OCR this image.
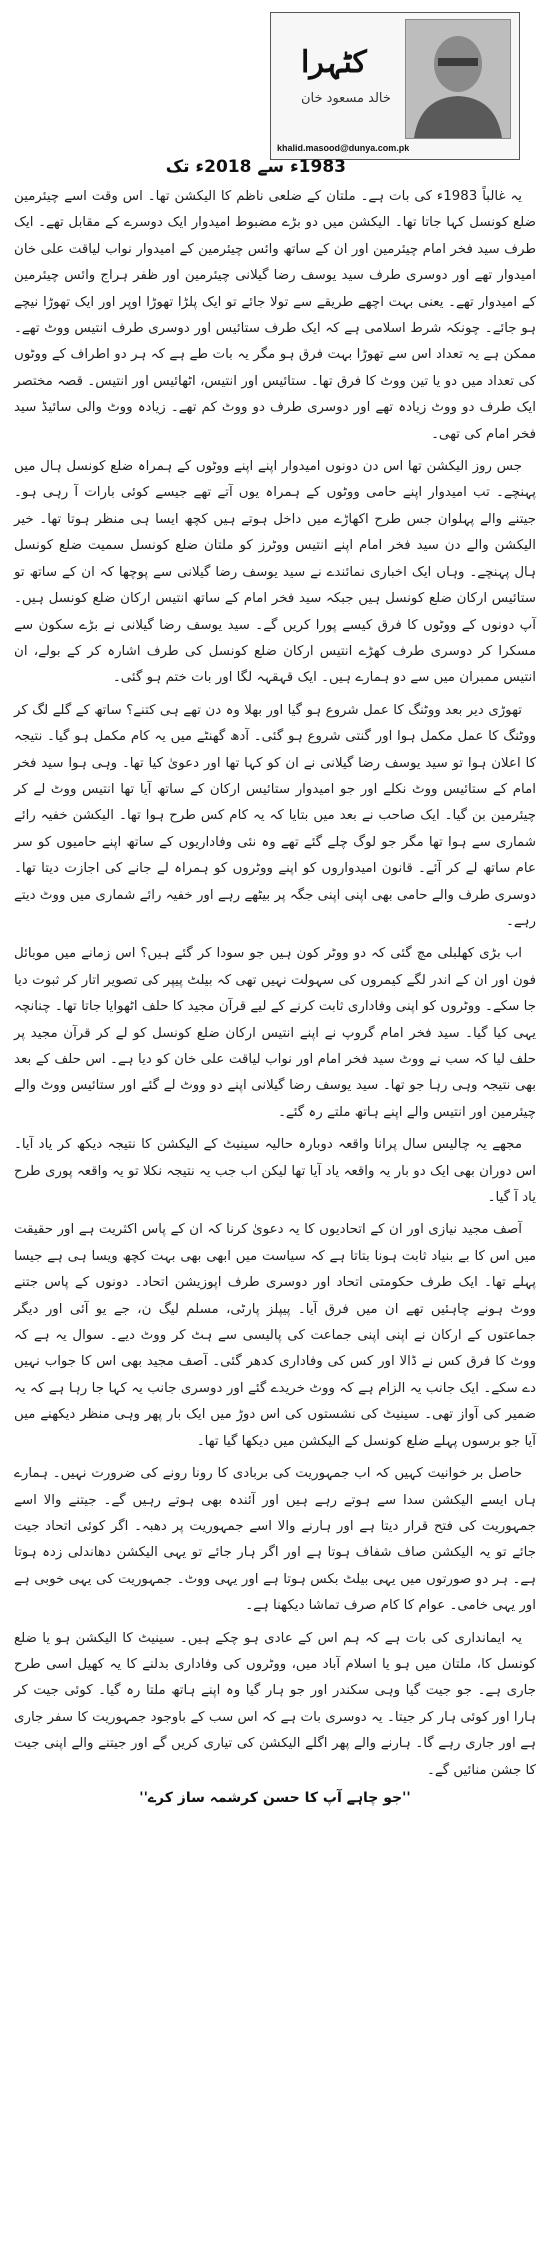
کٹہرا
خالد مسعود خان
khalid.masood@dunya.com.pk
1983ء سے 2018ء تک

یہ غالباً 1983ء کی بات ہے۔ ملتان کے ضلعی ناظم کا الیکشن تھا۔ اس وقت اسے چیئرمین ضلع کونسل کہا جاتا تھا۔ الیکشن میں دو بڑے مضبوط امیدوار ایک دوسرے کے مقابل تھے۔ ایک طرف سید فخر امام چیئرمین اور ان کے ساتھ وائس چیئرمین کے امیدوار نواب لیاقت علی خان امیدوار تھے اور دوسری طرف سید یوسف رضا گیلانی چیئرمین اور ظفر ہراج وائس چیئرمین کے امیدوار تھے۔ یعنی بہت اچھے طریقے سے تولا جائے تو ایک پلڑا تھوڑا اوپر اور ایک تھوڑا نیچے ہو جائے۔ چونکہ شرط اسلامی ہے کہ ایک طرف ستائیس اور دوسری طرف انتیس ووٹ تھے۔ ممکن ہے یہ تعداد اس سے تھوڑا بہت فرق ہو مگر یہ بات طے ہے کہ ہر دو اطراف کے ووٹوں کی تعداد میں دو یا تین ووٹ کا فرق تھا۔ ستائیس اور انتیس، اٹھائیس اور انتیس۔ قصہ مختصر ایک طرف دو ووٹ زیادہ تھے اور دوسری طرف دو ووٹ کم تھے۔ زیادہ ووٹ والی سائیڈ سید فخر امام کی تھی۔

جس روز الیکشن تھا اس دن دونوں امیدوار اپنے اپنے ووٹوں کے ہمراہ ضلع کونسل ہال میں پہنچے۔ تب امیدوار اپنے حامی ووٹوں کے ہمراہ یوں آتے تھے جیسے کوئی بارات آ رہی ہو۔ جیتنے والے پہلوان جس طرح اکھاڑے میں داخل ہوتے ہیں کچھ ایسا ہی منظر ہوتا تھا۔ خیر الیکشن والے دن سید فخر امام اپنے انتیس ووٹرز کو ملتان ضلع کونسل سمیت ضلع کونسل ہال پہنچے۔ وہاں ایک اخباری نمائندے نے سید یوسف رضا گیلانی سے پوچھا کہ ان کے ساتھ تو ستائیس ارکان ضلع کونسل ہیں جبکہ سید فخر امام کے ساتھ انتیس ارکان ضلع کونسل ہیں۔ آپ دونوں کے ووٹوں کا فرق کیسے پورا کریں گے۔ سید یوسف رضا گیلانی نے بڑے سکون سے مسکرا کر دوسری طرف کھڑے انتیس ارکان ضلع کونسل کی طرف اشارہ کر کے بولے، ان انتیس ممبران میں سے دو ہمارے ہیں۔ ایک قہقہہ لگا اور بات ختم ہو گئی۔

تھوڑی دیر بعد ووٹنگ کا عمل شروع ہو گیا اور بھلا وہ دن تھے ہی کتنے؟ ساتھ کے گلے لگ کر ووٹنگ کا عمل مکمل ہوا اور گنتی شروع ہو گئی۔ آدھ گھنٹے میں یہ کام مکمل ہو گیا۔ نتیجہ کا اعلان ہوا تو سید یوسف رضا گیلانی نے ان کو کہا تھا اور دعویٰ کیا تھا۔ وہی ہوا سید فخر امام کے ستائیس ووٹ نکلے اور جو امیدوار ستائیس ارکان کے ساتھ آیا تھا انتیس ووٹ لے کر چیئرمین بن گیا۔ ایک صاحب نے بعد میں بتایا کہ یہ کام کس طرح ہوا تھا۔ الیکشن خفیہ رائے شماری سے ہوا تھا مگر جو لوگ چلے گئے تھے وہ نئی وفاداریوں کے ساتھ اپنے حامیوں کو سر عام ساتھ لے کر آئے۔ قانون امیدواروں کو اپنے ووٹروں کو ہمراہ لے جانے کی اجازت دیتا تھا۔ دوسری طرف والے حامی بھی اپنی اپنی جگہ پر بیٹھے رہے اور خفیہ رائے شماری میں ووٹ دیتے رہے۔

اب بڑی کھلبلی مچ گئی کہ دو ووٹر کون ہیں جو سودا کر گئے ہیں؟ اس زمانے میں موبائل فون اور ان کے اندر لگے کیمروں کی سہولت نہیں تھی کہ بیلٹ پیپر کی تصویر اتار کر ثبوت دیا جا سکے۔ ووٹروں کو اپنی وفاداری ثابت کرنے کے لیے قرآن مجید کا حلف اٹھوایا جاتا تھا۔ چنانچہ یہی کیا گیا۔ سید فخر امام گروپ نے اپنے انتیس ارکان ضلع کونسل کو لے کر قرآن مجید پر حلف لیا کہ سب نے ووٹ سید فخر امام اور نواب لیاقت علی خان کو دیا ہے۔ اس حلف کے بعد بھی نتیجہ وہی رہا جو تھا۔ سید یوسف رضا گیلانی اپنے دو ووٹ لے گئے اور ستائیس ووٹ والے چیئرمین اور انتیس والے اپنے ہاتھ ملتے رہ گئے۔

مجھے یہ چالیس سال پرانا واقعہ دوبارہ حالیہ سینیٹ کے الیکشن کا نتیجہ دیکھ کر یاد آیا۔ اس دوران بھی ایک دو بار یہ واقعہ یاد آیا تھا لیکن اب جب یہ نتیجہ نکلا تو یہ واقعہ پوری طرح یاد آ گیا۔

آصف مجید نیازی اور ان کے اتحادیوں کا یہ دعویٰ کرنا کہ ان کے پاس اکثریت ہے اور حقیقت میں اس کا بے بنیاد ثابت ہونا بتاتا ہے کہ سیاست میں ابھی بھی بہت کچھ ویسا ہی ہے جیسا پہلے تھا۔ ایک طرف حکومتی اتحاد اور دوسری طرف اپوزیشن اتحاد۔ دونوں کے پاس جتنے ووٹ ہونے چاہئیں تھے ان میں فرق آیا۔ پیپلز پارٹی، مسلم لیگ ن، جے یو آئی اور دیگر جماعتوں کے ارکان نے اپنی اپنی جماعت کی پالیسی سے ہٹ کر ووٹ دیے۔ سوال یہ ہے کہ ووٹ کا فرق کس نے ڈالا اور کس کی وفاداری کدھر گئی۔ آصف مجید بھی اس کا جواب نہیں دے سکے۔ ایک جانب یہ الزام ہے کہ ووٹ خریدے گئے اور دوسری جانب یہ کہا جا رہا ہے کہ یہ ضمیر کی آواز تھی۔ سینیٹ کی نشستوں کی اس دوڑ میں ایک بار پھر وہی منظر دیکھنے میں آیا جو برسوں پہلے ضلع کونسل کے الیکشن میں دیکھا گیا تھا۔

حاصل بر خوانیت کہیں کہ اب جمہوریت کی بربادی کا رونا رونے کی ضرورت نہیں۔ ہمارے ہاں ایسے الیکشن سدا سے ہوتے رہے ہیں اور آئندہ بھی ہوتے رہیں گے۔ جیتنے والا اسے جمہوریت کی فتح قرار دیتا ہے اور ہارنے والا اسے جمہوریت پر دھبہ۔ اگر کوئی اتحاد جیت جائے تو یہ الیکشن صاف شفاف ہوتا ہے اور اگر ہار جائے تو یہی الیکشن دھاندلی زدہ ہوتا ہے۔ ہر دو صورتوں میں یہی بیلٹ بکس ہوتا ہے اور یہی ووٹ۔ جمہوریت کی یہی خوبی ہے اور یہی خامی۔ عوام کا کام صرف تماشا دیکھنا ہے۔

یہ ایمانداری کی بات ہے کہ ہم اس کے عادی ہو چکے ہیں۔ سینیٹ کا الیکشن ہو یا ضلع کونسل کا، ملتان میں ہو یا اسلام آباد میں، ووٹروں کی وفاداری بدلنے کا یہ کھیل اسی طرح جاری ہے۔ جو جیت گیا وہی سکندر اور جو ہار گیا وہ اپنے ہاتھ ملتا رہ گیا۔ کوئی جیت کر ہارا اور کوئی ہار کر جیتا۔ یہ دوسری بات ہے کہ اس سب کے باوجود جمہوریت کا سفر جاری ہے اور جاری رہے گا۔ ہارنے والے پھر اگلے الیکشن کی تیاری کریں گے اور جیتنے والے اپنی جیت کا جشن منائیں گے۔

''جو چاہے آپ کا حسن کرشمہ ساز کرے''
